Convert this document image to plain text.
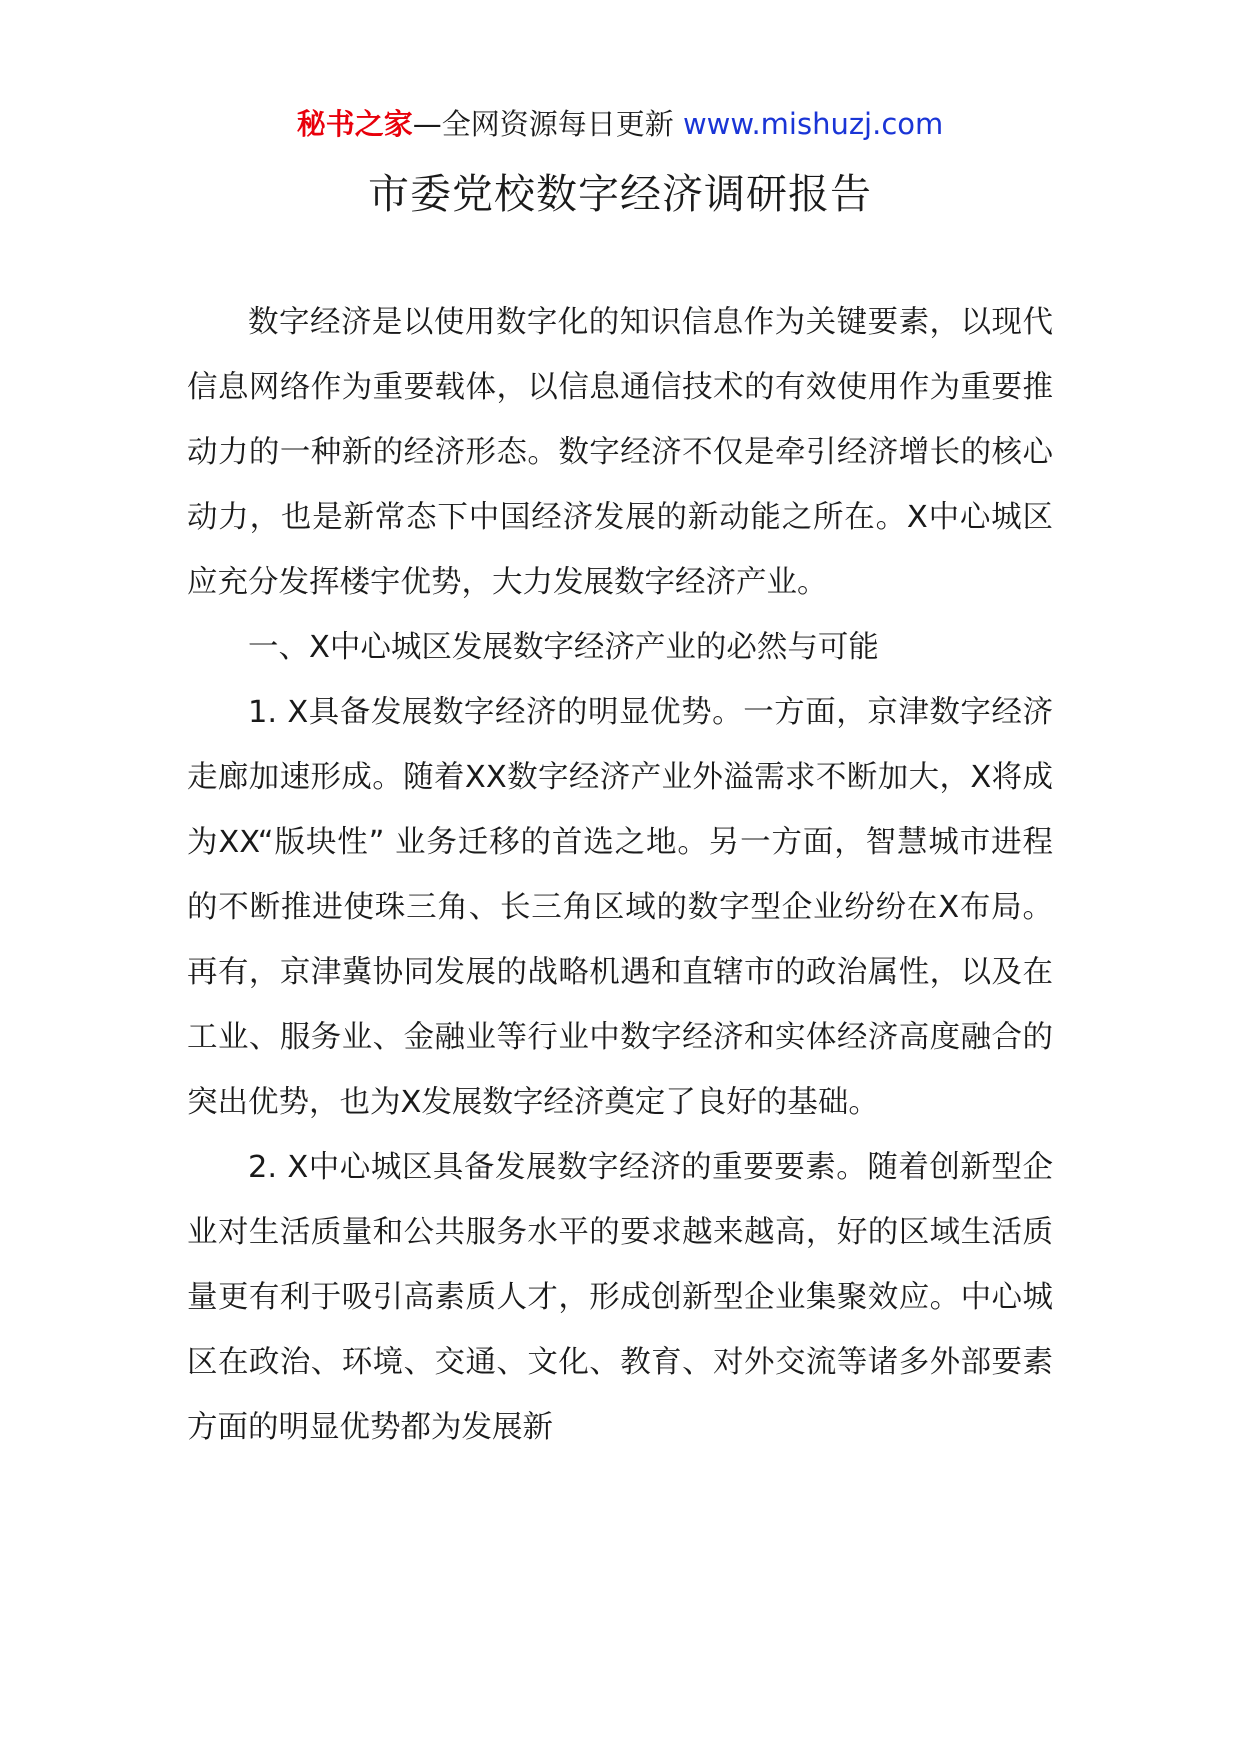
秘书之家—全网资源每日更新 www.mishuzj.com
市委党校数字经济调研报告

数字经济是以使用数字化的知识信息作为关键要素，以现代信息网络作为重要载体，以信息通信技术的有效使用作为重要推动力的一种新的经济形态。数字经济不仅是牵引经济增长的核心动力，也是新常态下中国经济发展的新动能之所在。X中心城区应充分发挥楼宇优势，大力发展数字经济产业。

一、X中心城区发展数字经济产业的必然与可能

1. X具备发展数字经济的明显优势。一方面，京津数字经济走廊加速形成。随着XX数字经济产业外溢需求不断加大，X将成为XX“版块性” 业务迁移的首选之地。另一方面，智慧城市进程的不断推进使珠三角、长三角区域的数字型企业纷纷在X布局。再有，京津冀协同发展的战略机遇和直辖市的政治属性，以及在工业、服务业、金融业等行业中数字经济和实体经济高度融合的突出优势，也为X发展数字经济奠定了良好的基础。

2. X中心城区具备发展数字经济的重要要素。随着创新型企业对生活质量和公共服务水平的要求越来越高，好的区域生活质量更有利于吸引高素质人才，形成创新型企业集聚效应。中心城区在政治、环境、交通、文化、教育、对外交流等诸多外部要素方面的明显优势都为发展新
